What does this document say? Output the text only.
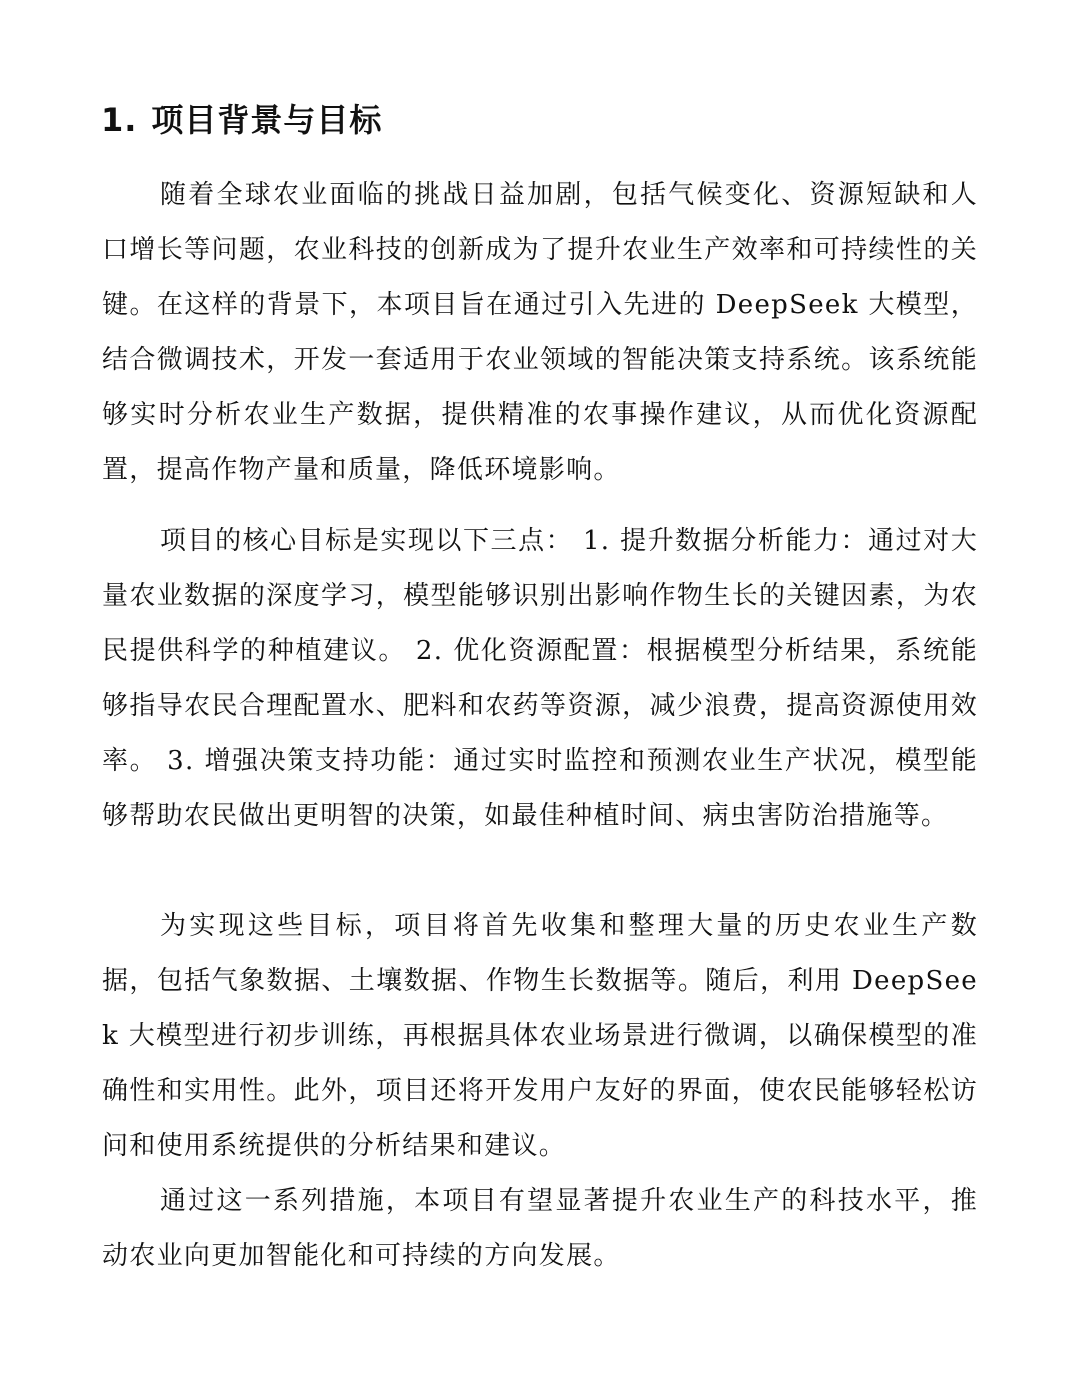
1. 项目背景与目标

随着全球农业面临的挑战日益加剧，包括气候变化、资源短缺和人口增长等问题，农业科技的创新成为了提升农业生产效率和可持续性的关键。在这样的背景下，本项目旨在通过引入先进的 DeepSeek 大模型，结合微调技术，开发一套适用于农业领域的智能决策支持系统。该系统能够实时分析农业生产数据，提供精准的农事操作建议，从而优化资源配置，提高作物产量和质量，降低环境影响。

项目的核心目标是实现以下三点： 1. 提升数据分析能力：通过对大量农业数据的深度学习，模型能够识别出影响作物生长的关键因素，为农民提供科学的种植建议。 2. 优化资源配置：根据模型分析结果，系统能够指导农民合理配置水、肥料和农药等资源，减少浪费，提高资源使用效率。 3. 增强决策支持功能：通过实时监控和预测农业生产状况，模型能够帮助农民做出更明智的决策，如最佳种植时间、病虫害防治措施等。

为实现这些目标，项目将首先收集和整理大量的历史农业生产数据，包括气象数据、土壤数据、作物生长数据等。随后，利用 DeepSeek 大模型进行初步训练，再根据具体农业场景进行微调，以确保模型的准确性和实用性。此外，项目还将开发用户友好的界面，使农民能够轻松访问和使用系统提供的分析结果和建议。

通过这一系列措施，本项目有望显著提升农业生产的科技水平，推动农业向更加智能化和可持续的方向发展。
